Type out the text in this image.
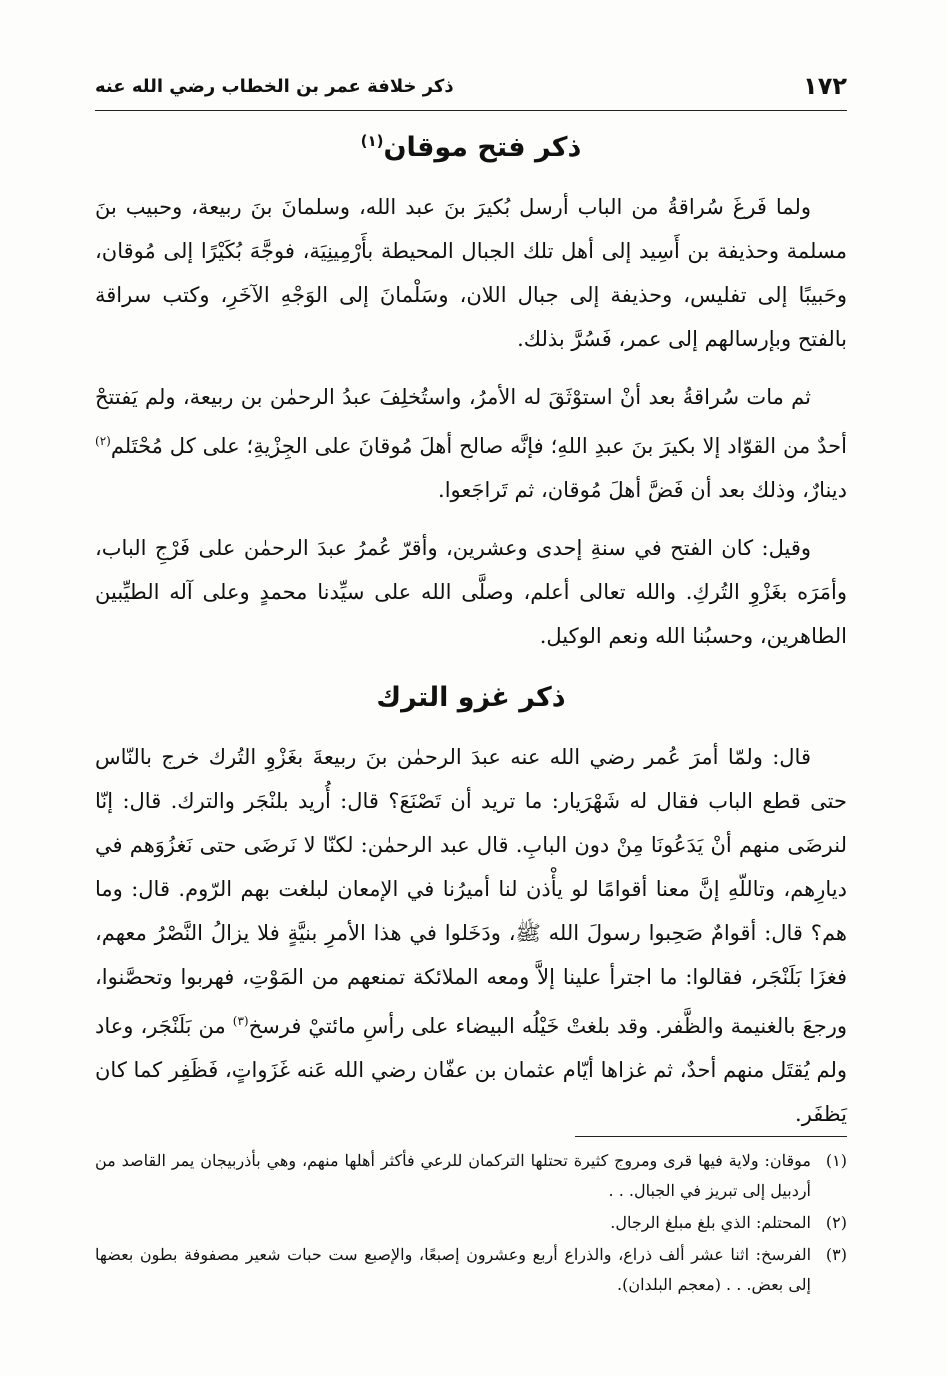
١٧٢
ذكر خلافة عمر بن الخطاب رضي الله عنه
ذكر فتح موقان$^{(١)}$

ولما فَرغَ سُراقةُ من الباب أرسل بُكيرَ بنَ عبد الله، وسلمانَ بنَ ربيعة، وحبيب بنَ مسلمة وحذيفة بن أَسِيد إلى أهل تلك الجبال المحيطة بأَرْمِينِيَة، فوجَّهَ بُكَيْرًا إلى مُوقان، وحَبيبًا إلى تفليس، وحذيفة إلى جبال اللان، وسَلْمانَ إلى الوَجْهِ الآخَرِ، وكتب سراقة بالفتح وبإرسالهم إلى عمر، فَسُرَّ بذلك.

ثم مات سُراقةُ بعد أنْ استوْثَقَ له الأمرُ، واستُخلِفَ عبدُ الرحمٰن بن ربيعة، ولم يَفتتحْ أحدٌ من القوّاد إلا بكيرَ بنَ عبدِ اللهِ؛ فإنَّه صالح أهلَ مُوقانَ على الجِزْيةِ؛ على كل مُحْتَلم$^{(٢)}$ دينارٌ، وذلك بعد أن فَضَّ أهلَ مُوقان، ثم تَراجَعوا.

وقيل: كان الفتح في سنةِ إحدى وعشرين، وأقرّ عُمرُ عبدَ الرحمٰن على فَرْجِ الباب، وأمَرَه بغَزْوِ التُركِ. والله تعالى أعلم، وصلَّى الله على سيِّدنا محمدٍ وعلى آله الطيِّبين الطاهرين، وحسبُنا الله ونعم الوكيل.

ذكر غزو الترك

قال: ولمّا أمرَ عُمر رضي الله عنه عبدَ الرحمٰن بنَ ربيعةَ بغَزْوِ التُرك خرج بالنّاس حتى قطع الباب فقال له شَهْرَيار: ما تريد أن تَصْنَعَ؟ قال: أُريد بلنْجَر والترك. قال: إنّا لنرضَى منهم أنْ يَدَعُونَا مِنْ دون البابِ. قال عبد الرحمٰن: لكنّا لا نَرضَى حتى نَغزُوَهم في ديارِهم، وتاللّهِ إنَّ معنا أقوامًا لو يأْذن لنا أميرُنا في الإمعان لبلغت بهم الرّوم. قال: وما هم؟ قال: أقوامٌ صَحِبوا رسولَ الله ﷺ، ودَخَلوا في هذا الأمرِ بنيَّةٍ فلا يزالُ النَّصْرُ معهم، فغزَا بَلَنْجَر، فقالوا: ما اجترأ علينا إلاَّ ومعه الملائكة تمنعهم من المَوْتِ، فهربوا وتحصَّنوا، ورجعَ بالغنيمة والظَّفر. وقد بلغتْ خَيْلُه البيضاء على رأسِ مائتيْ فرسخ$^{(٣)}$ من بَلَنْجَر، وعاد ولم يُقتَل منهم أحدٌ، ثم غزاها أيّام عثمان بن عفّان رضي الله عَنه غَزَواتٍ، فَظَفِر كما كان يَظفَر.

(١)
موقان: ولاية فيها قرى ومروج كثيرة تحتلها التركمان للرعي فأكثر أهلها منهم، وهي بأذربيجان يمر القاصد من أردبيل إلى تبريز في الجبال. . .
(٢)
المحتلم: الذي بلغ مبلغ الرجال.
(٣)
الفرسخ: اثنا عشر ألف ذراع، والذراع أربع وعشرون إصبعًا، والإصبع ست حبات شعير مصفوفة بطون بعضها إلى بعض. . . (معجم البلدان).
